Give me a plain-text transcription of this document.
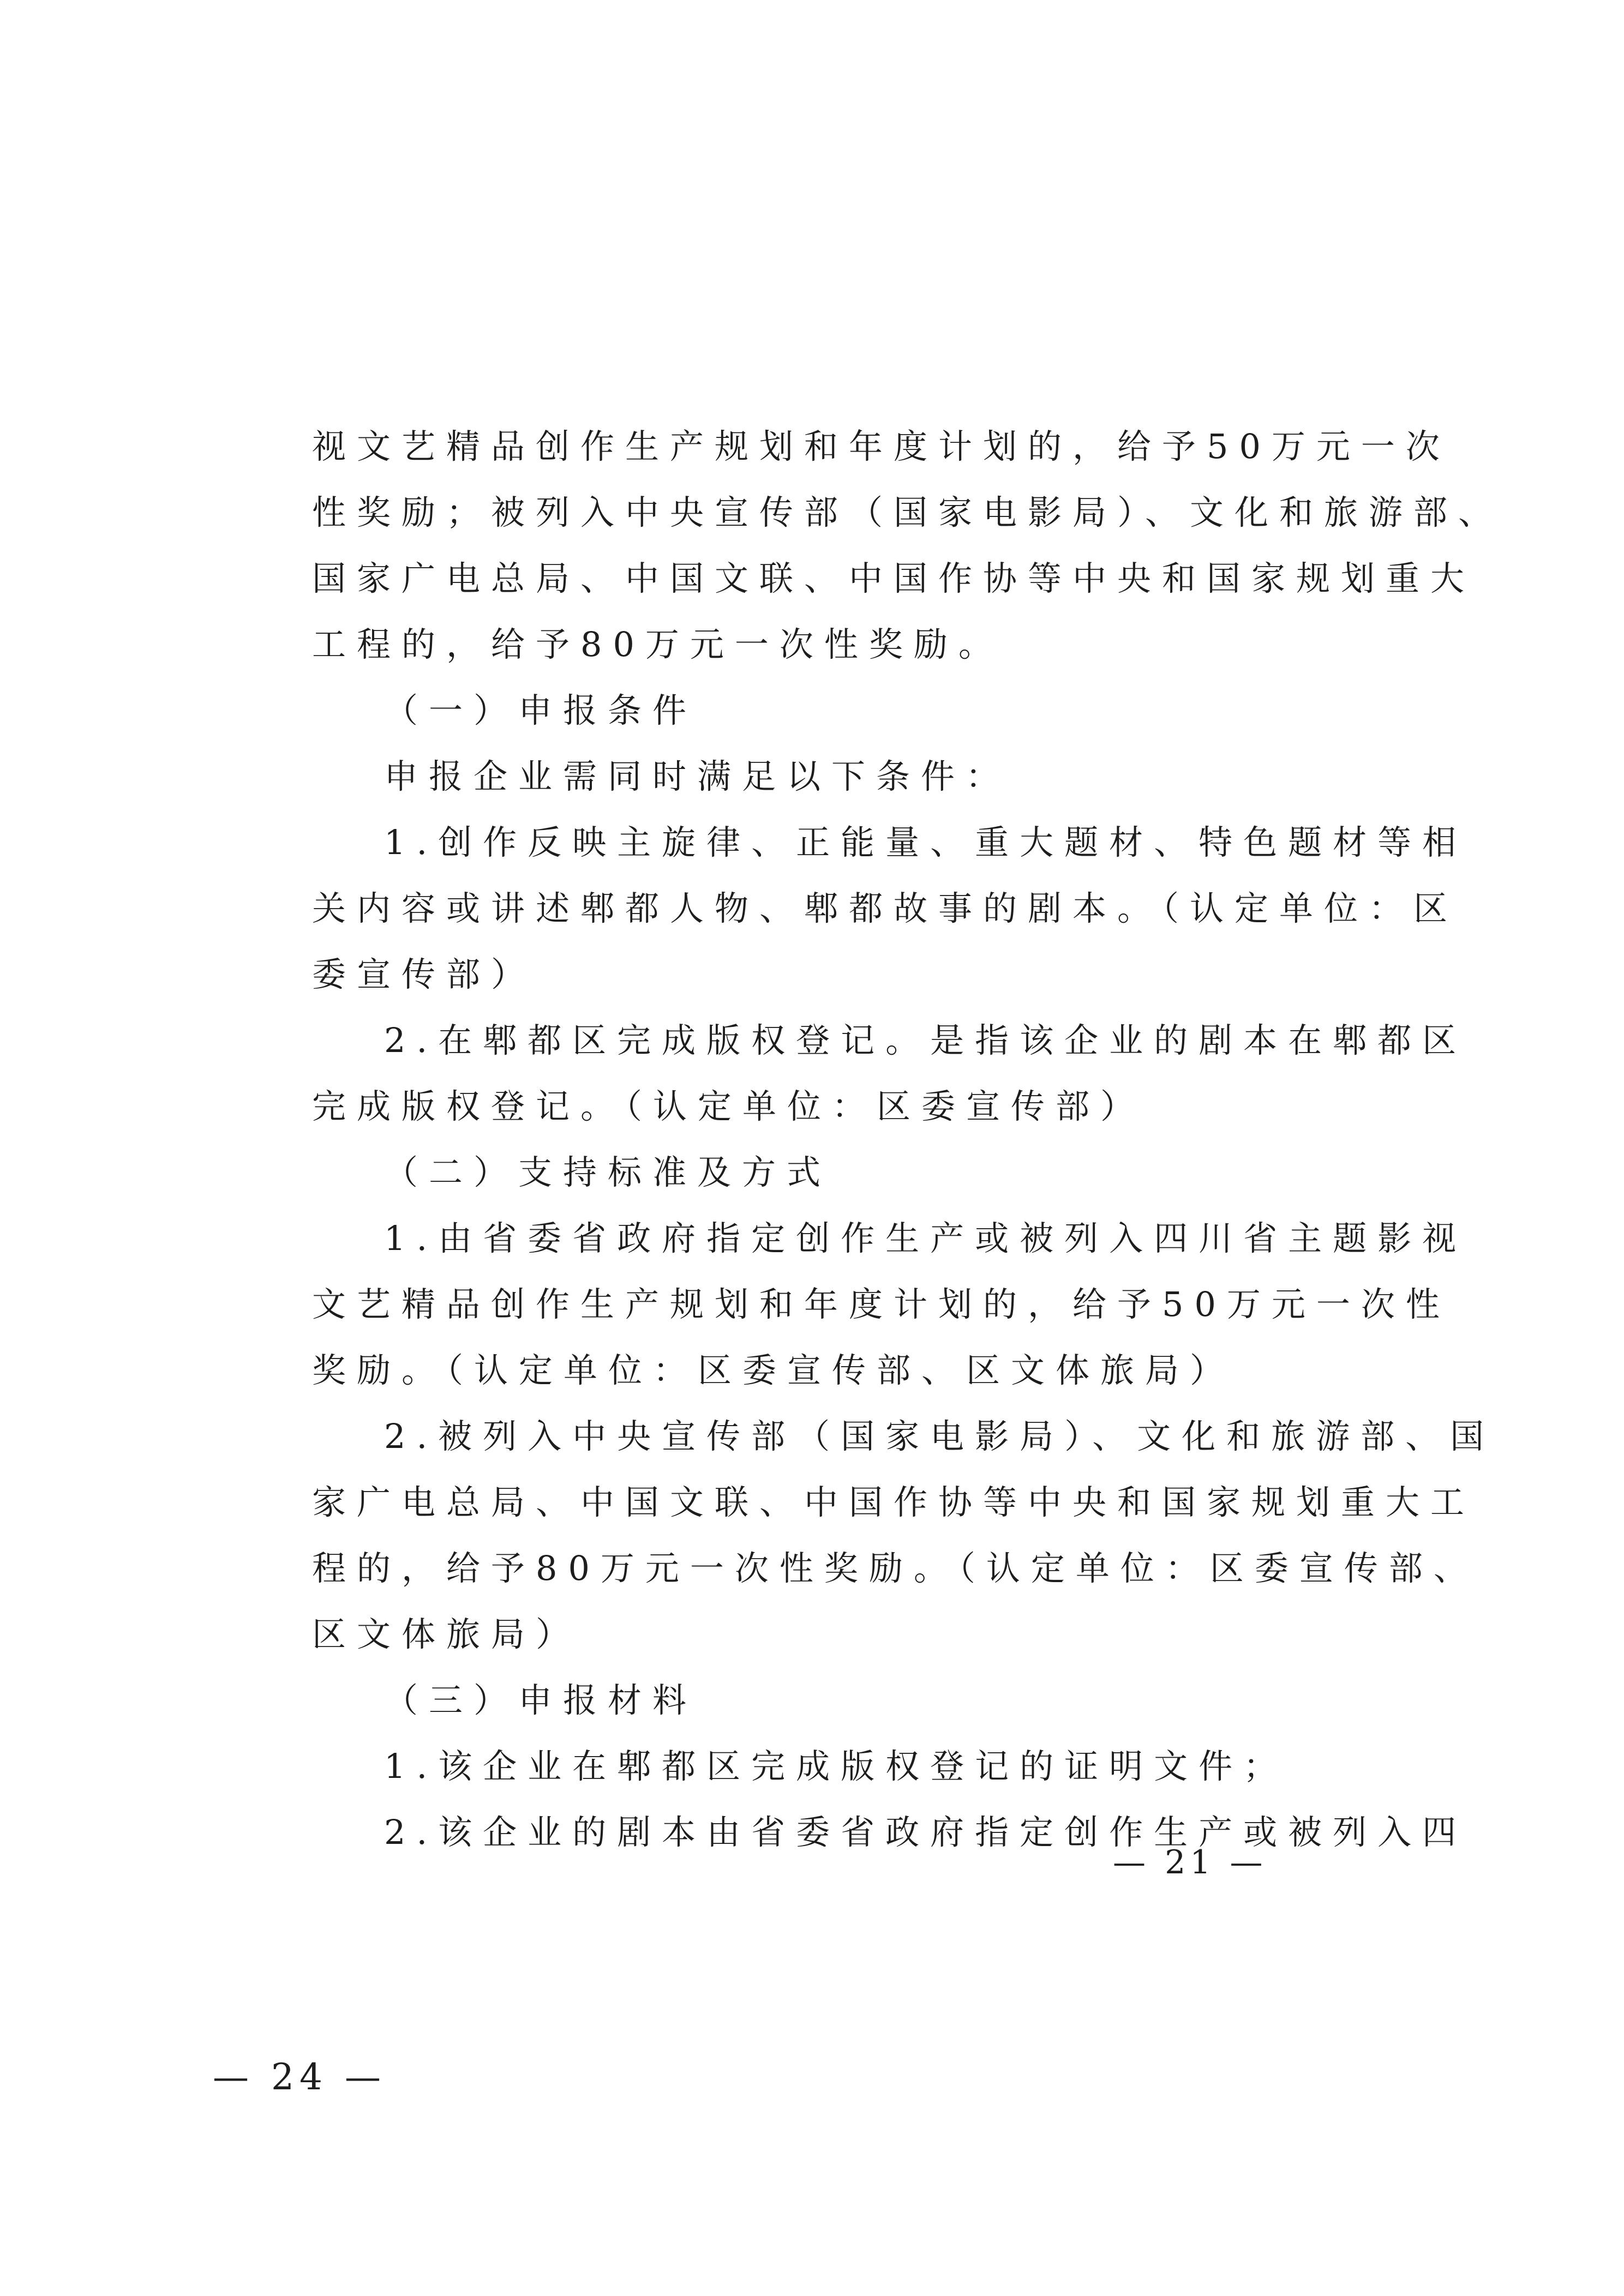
视文艺精品创作生产规划和年度计划的，给予50万元一次
性奖励；被列入中央宣传部（国家电影局）、文化和旅游部、
国家广电总局、中国文联、中国作协等中央和国家规划重大
工程的，给予80万元一次性奖励。
（一）申报条件
申报企业需同时满足以下条件：
1.创作反映主旋律、正能量、重大题材、特色题材等相
关内容或讲述郫都人物、郫都故事的剧本。（认定单位：区
委宣传部）
2.在郫都区完成版权登记。是指该企业的剧本在郫都区
完成版权登记。（认定单位：区委宣传部）
（二）支持标准及方式
1.由省委省政府指定创作生产或被列入四川省主题影视
文艺精品创作生产规划和年度计划的，给予50万元一次性
奖励。（认定单位：区委宣传部、区文体旅局）
2.被列入中央宣传部（国家电影局）、文化和旅游部、国
家广电总局、中国文联、中国作协等中央和国家规划重大工
程的，给予80万元一次性奖励。（认定单位：区委宣传部、
区文体旅局）
（三）申报材料
1.该企业在郫都区完成版权登记的证明文件；
2.该企业的剧本由省委省政府指定创作生产或被列入四
— 21 —
— 24 —
